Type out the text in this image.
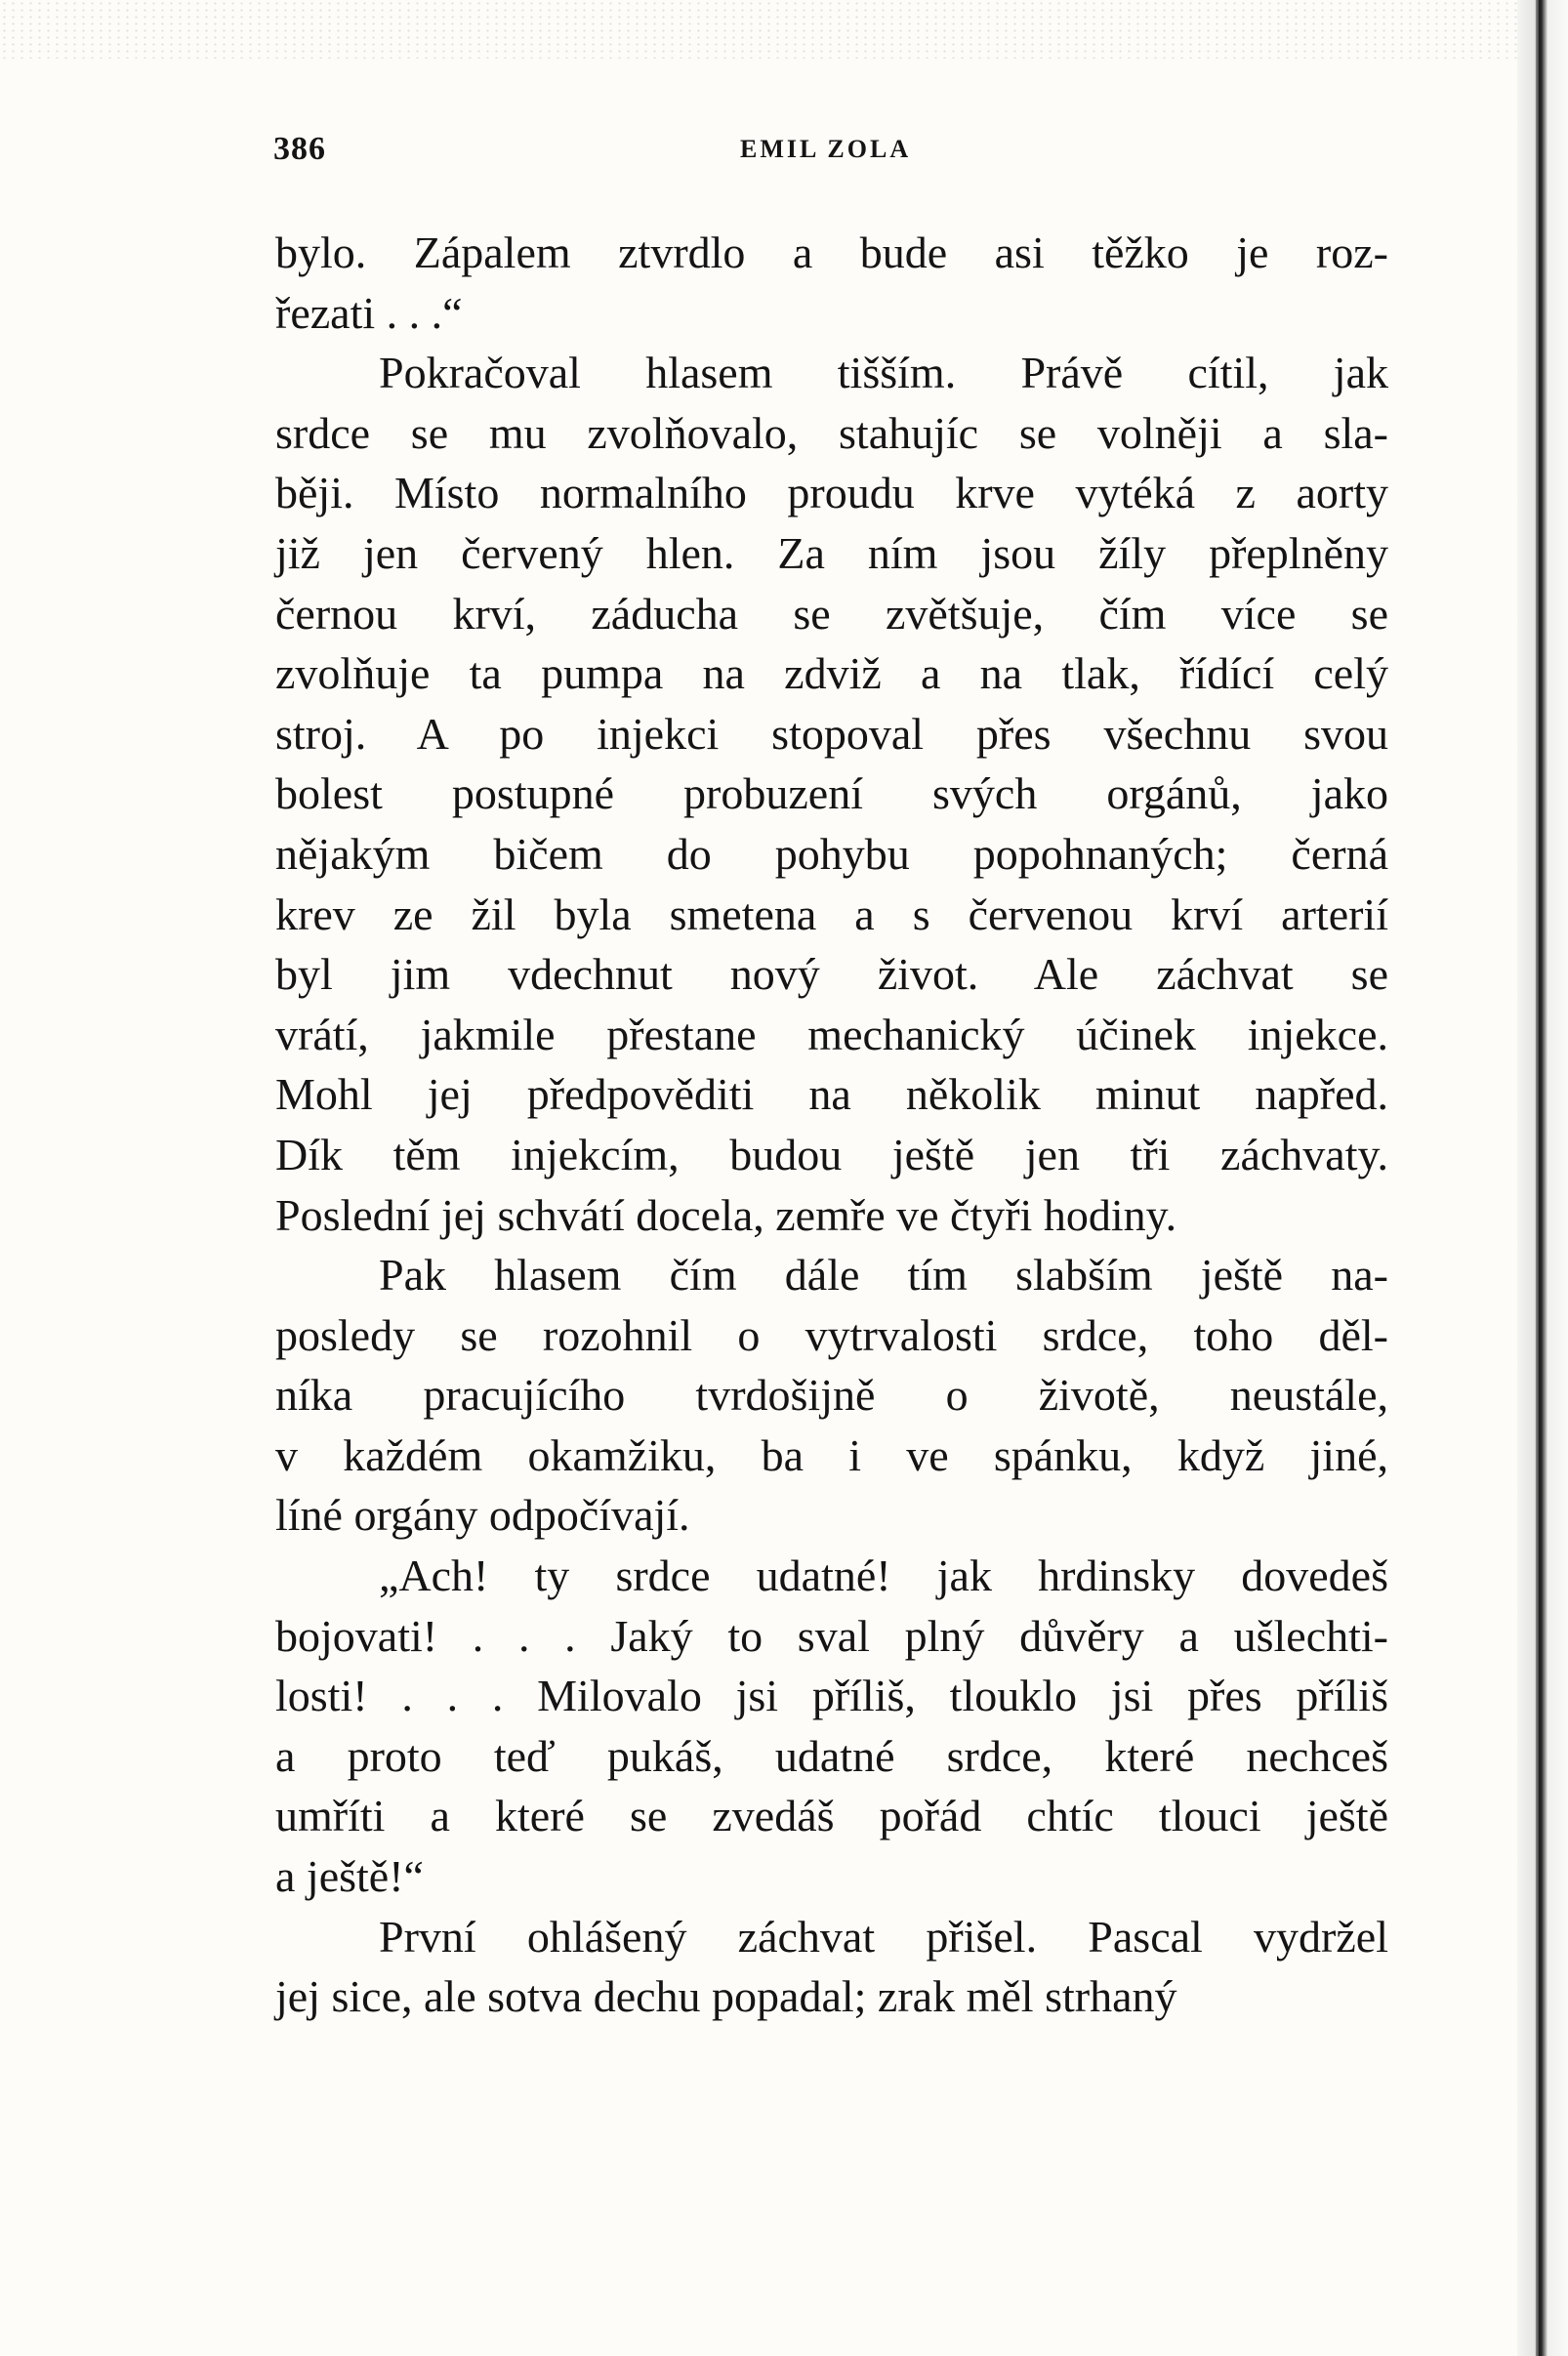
386	EMIL ZOLA
bylo. Zápalem ztvrdlo a bude asi těžko je roz-
řezati . . .“
Pokračoval hlasem tišším. Právě cítil, jak
srdce se mu zvolňovalo, stahujíc se volněji a sla-
běji. Místo normalního proudu krve vytéká z aorty
již jen červený hlen. Za ním jsou žíly přeplněny
černou krví, záducha se zvětšuje, čím více se
zvolňuje ta pumpa na zdviž a na tlak, řídící celý
stroj. A po injekci stopoval přes všechnu svou
bolest postupné probuzení svých orgánů, jako
nějakým bičem do pohybu popohnaných; černá
krev ze žil byla smetena a s červenou krví arterií
byl jim vdechnut nový život. Ale záchvat se
vrátí, jakmile přestane mechanický účinek injekce.
Mohl jej předpověditi na několik minut napřed.
Dík těm injekcím, budou ještě jen tři záchvaty.
Poslední jej schvátí docela, zemře ve čtyři hodiny.
Pak hlasem čím dále tím slabším ještě na-
posledy se rozohnil o vytrvalosti srdce, toho děl-
níka pracujícího tvrdošijně o životě, neustále,
v každém okamžiku, ba i ve spánku, když jiné,
líné orgány odpočívají.
„Ach! ty srdce udatné! jak hrdinsky dovedeš
bojovati! . . . Jaký to sval plný důvěry a ušlechti-
losti! . . . Milovalo jsi příliš, tlouklo jsi přes příliš
a proto teď pukáš, udatné srdce, které nechceš
umříti a které se zvedáš pořád chtíc tlouci ještě
a ještě!“
První ohlášený záchvat přišel. Pascal vydržel
jej sice, ale sotva dechu popadal; zrak měl strhaný
